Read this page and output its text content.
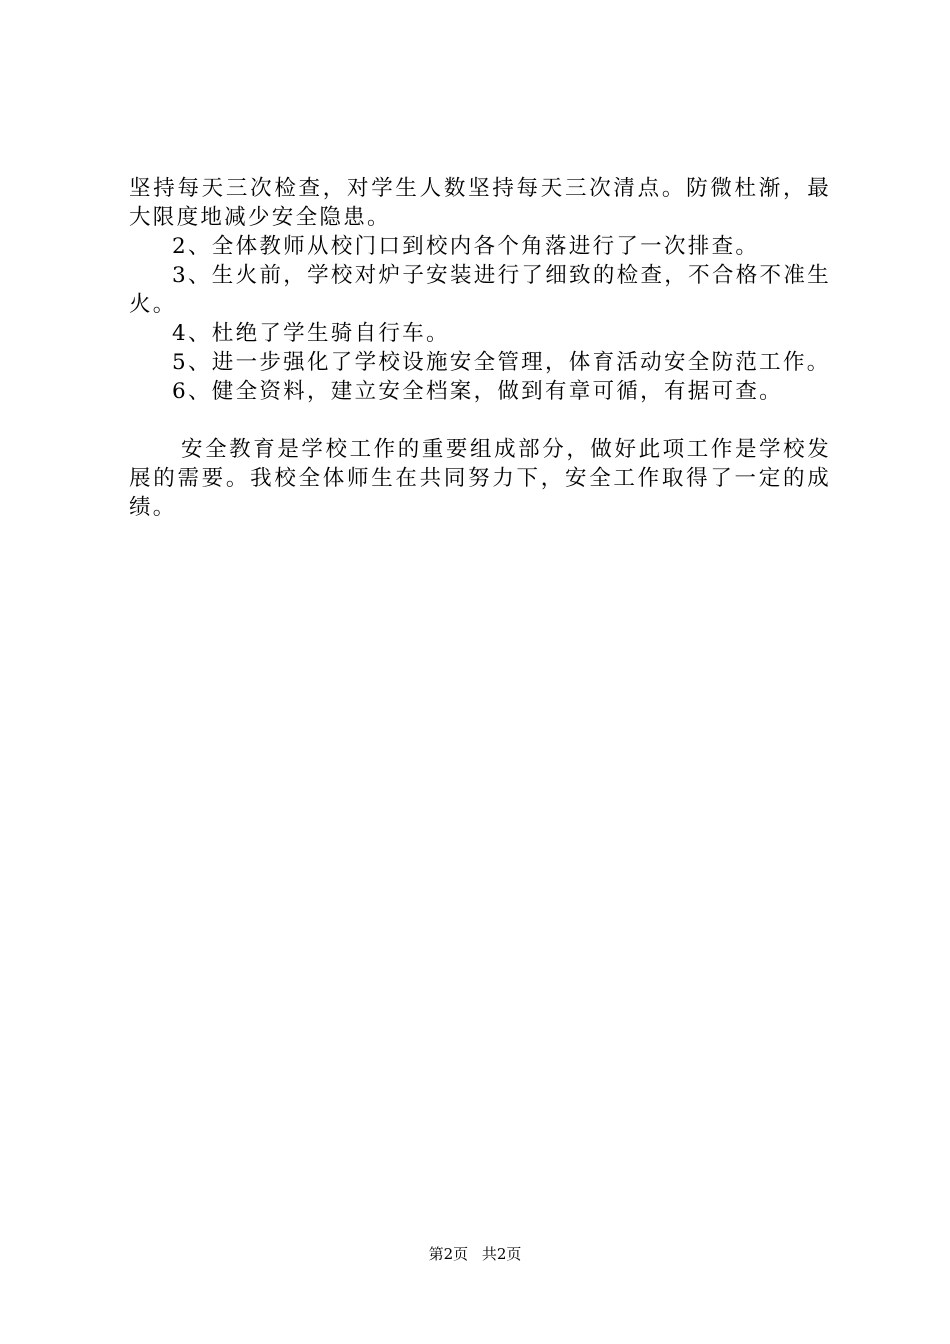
坚持每天三次检查，对学生人数坚持每天三次清点。防微杜渐，最大限度地减少安全隐患。

2、全体教师从校门口到校内各个角落进行了一次排查。

3、生火前，学校对炉子安装进行了细致的检查，不合格不准生火。

4、杜绝了学生骑自行车。

5、进一步强化了学校设施安全管理，体育活动安全防范工作。

6、健全资料，建立安全档案，做到有章可循，有据可查。

安全教育是学校工作的重要组成部分，做好此项工作是学校发展的需要。我校全体师生在共同努力下，安全工作取得了一定的成绩。

第2页 共2页
